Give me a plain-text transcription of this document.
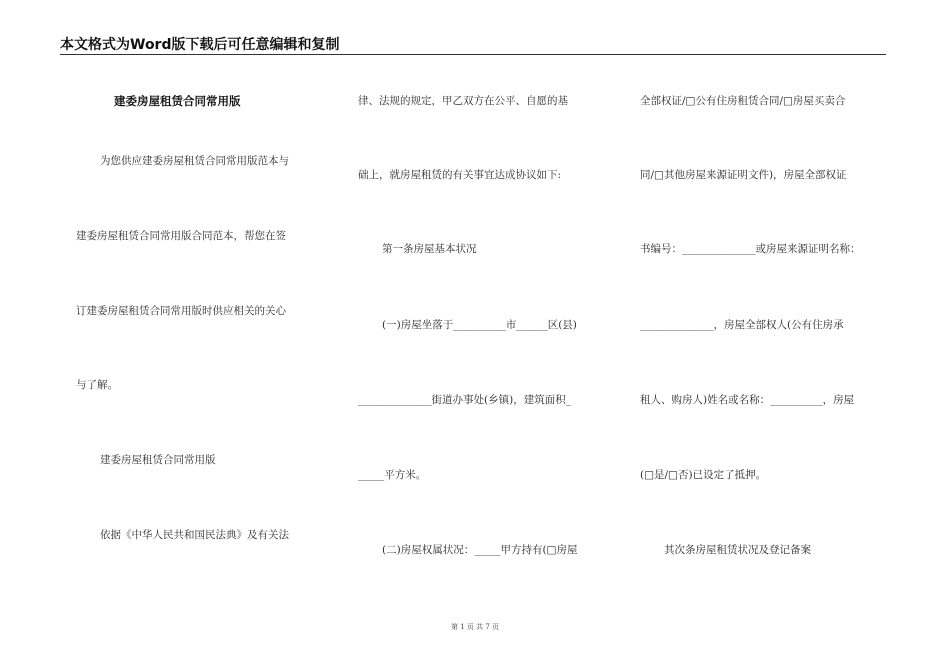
本文格式为Word版下载后可任意编辑和复制
建委房屋租赁合同常用版
为您供应建委房屋租赁合同常用版范本与
建委房屋租赁合同常用版合同范本，帮您在签
订建委房屋租赁合同常用版时供应相关的关心
与了解。
建委房屋租赁合同常用版
依据《中华人民共和国民法典》及有关法
律、法规的规定，甲乙双方在公平、自愿的基
础上，就房屋租赁的有关事宜达成协议如下:
第一条房屋基本状况
(一)房屋坐落于__________市______区(县)
______________街道办事处(乡镇)，建筑面积_
_____平方米。
(二)房屋权属状况：_____甲方持有(□房屋
全部权证/□公有住房租赁合同/□房屋买卖合
同/□其他房屋来源证明文件)，房屋全部权证
书编号：______________或房屋来源证明名称：
______________，房屋全部权人(公有住房承
租人、购房人)姓名或名称：__________，房屋
(□是/□否)已设定了抵押。
其次条房屋租赁状况及登记备案
第 1 页 共 7 页
